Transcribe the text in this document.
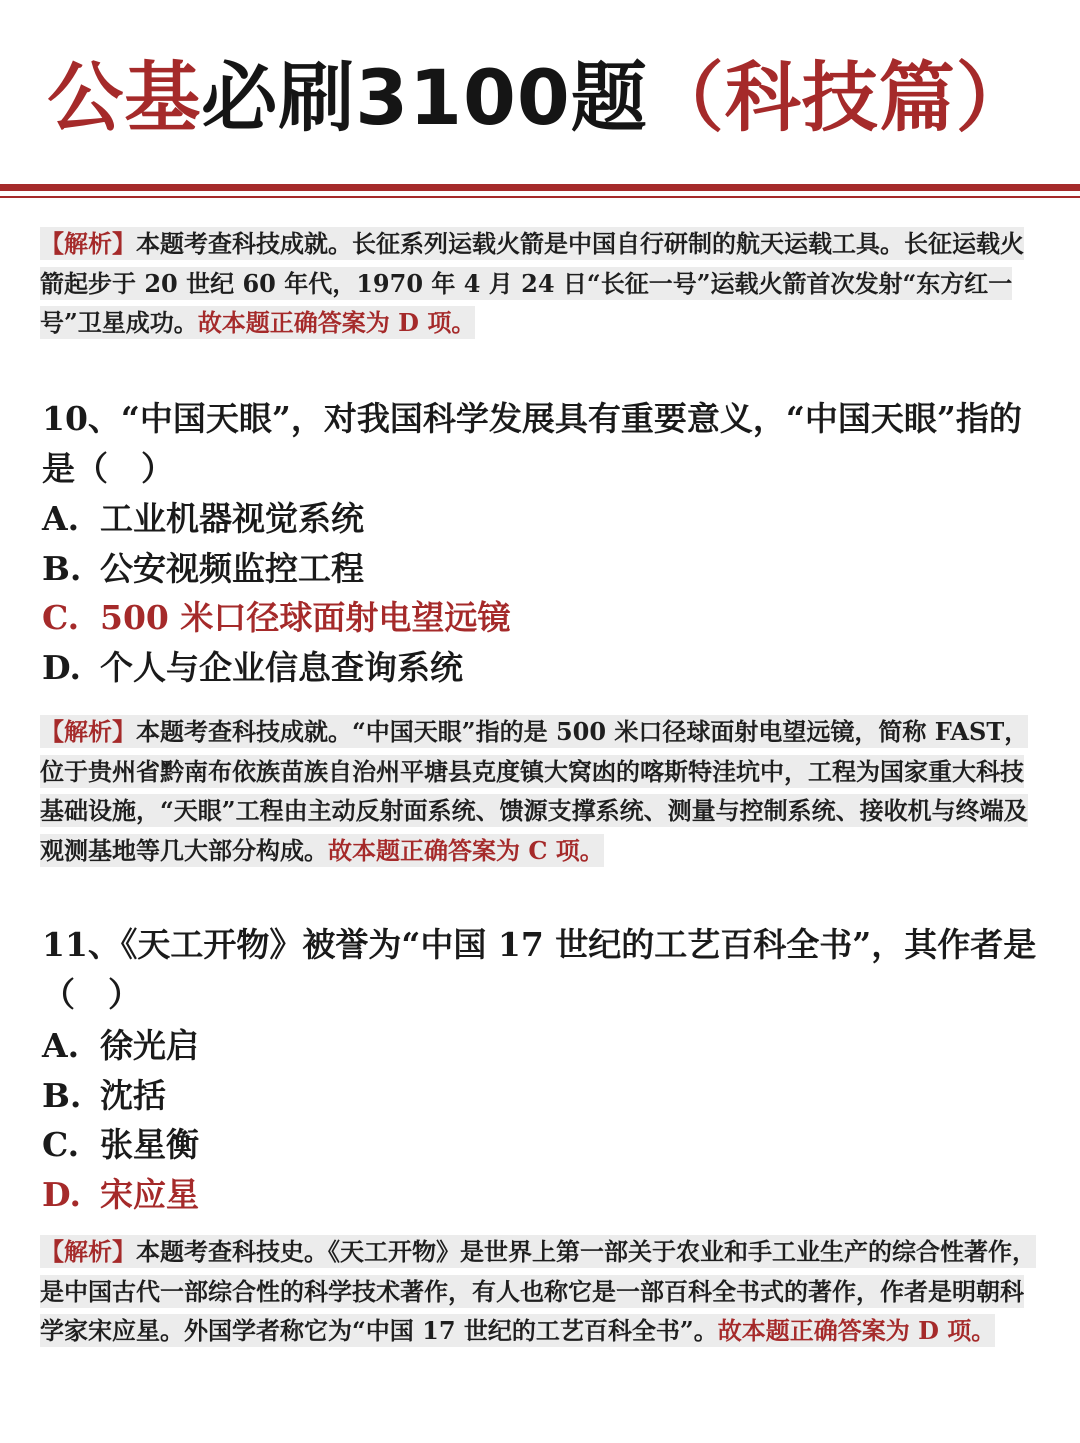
公基必刷3100题（科技篇）
【解析】本题考查科技成就。长征系列运载火箭是中国自行研制的航天运载工具。长征运载火箭起步于 20 世纪 60 年代，1970 年 4 月 24 日“长征一号”运载火箭首次发射“东方红一号”卫星成功。故本题正确答案为 D 项。
10、“中国天眼”，对我国科学发展具有重要意义，“中国天眼”指的是（　）
A. 工业机器视觉系统
B. 公安视频监控工程
C. 500 米口径球面射电望远镜
D. 个人与企业信息查询系统
【解析】本题考查科技成就。“中国天眼”指的是 500 米口径球面射电望远镜，简称 FAST，位于贵州省黔南布依族苗族自治州平塘县克度镇大窝凼的喀斯特洼坑中，工程为国家重大科技基础设施，“天眼”工程由主动反射面系统、馈源支撑系统、测量与控制系统、接收机与终端及观测基地等几大部分构成。故本题正确答案为 C 项。
11、《天工开物》被誉为“中国 17 世纪的工艺百科全书”，其作者是（　）
A. 徐光启
B. 沈括
C. 张星衡
D. 宋应星
【解析】本题考查科技史。《天工开物》是世界上第一部关于农业和手工业生产的综合性著作，是中国古代一部综合性的科学技术著作，有人也称它是一部百科全书式的著作，作者是明朝科学家宋应星。外国学者称它为“中国 17 世纪的工艺百科全书”。故本题正确答案为 D 项。
